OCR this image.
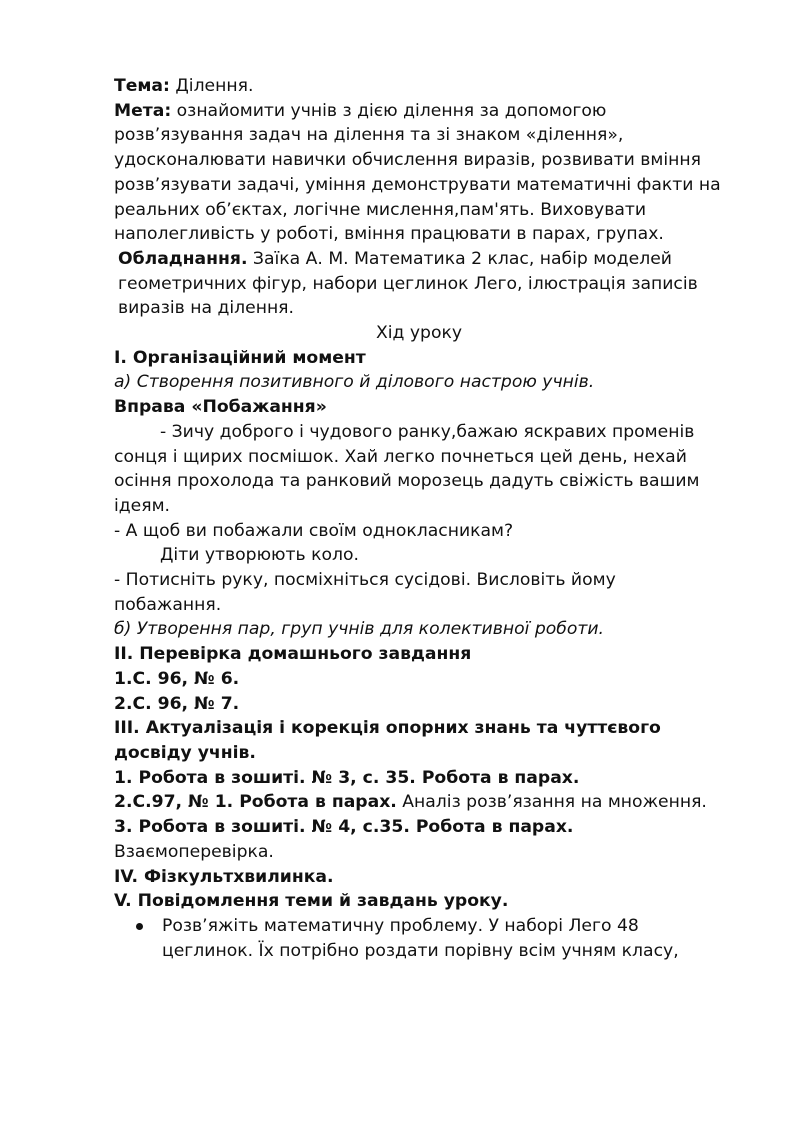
Тема: Ділення.

Мета: ознайомити учнів з дією ділення за допомогою розв’язування задач на ділення та зі знаком «ділення», удосконалювати навички обчислення виразів, розвивати вміння розв’язувати задачі, уміння демонструвати математичні факти на реальних об’єктах, логічне мислення,пам'ять. Виховувати наполегливість у роботі, вміння працювати в парах, групах.

Обладнання. Заїка А. М. Математика 2 клас, набір моделей геометричних фігур, набори цеглинок Лего, ілюстрація записів виразів на ділення.

Хід уроку

І. Організаційний момент

а) Створення позитивного й ділового настрою учнів.

Вправа «Побажання»

- Зичу доброго і чудового ранку,бажаю яскравих променів сонця і щирих посмішок. Хай легко почнеться цей день, нехай осіння прохолода та ранковий морозець дадуть свіжість вашим ідеям.

- А щоб ви побажали своїм однокласникам?

Діти утворюють коло.

- Потисніть руку, посміхніться сусідові. Висловіть йому побажання.

б) Утворення пар, груп учнів для колективної роботи.

ІІ. Перевірка домашнього завдання

1.С. 96, № 6.

2.С. 96, № 7.

ІІІ. Актуалізація і корекція опорних знань та чуттєвого досвіду учнів.

1. Робота в зошиті. № 3, с. 35. Робота в парах.

2.С.97, № 1. Робота в парах. Аналіз розв’язання на множення.

3. Робота в зошиті. № 4, с.35. Робота в парах.

Взаємоперевірка.

ІV. Фізкультхвилинка.

V. Повідомлення теми й завдань уроку.

Розв’яжіть математичну проблему. У наборі Лего 48 цеглинок. Їх потрібно роздати порівну всім учням класу,
